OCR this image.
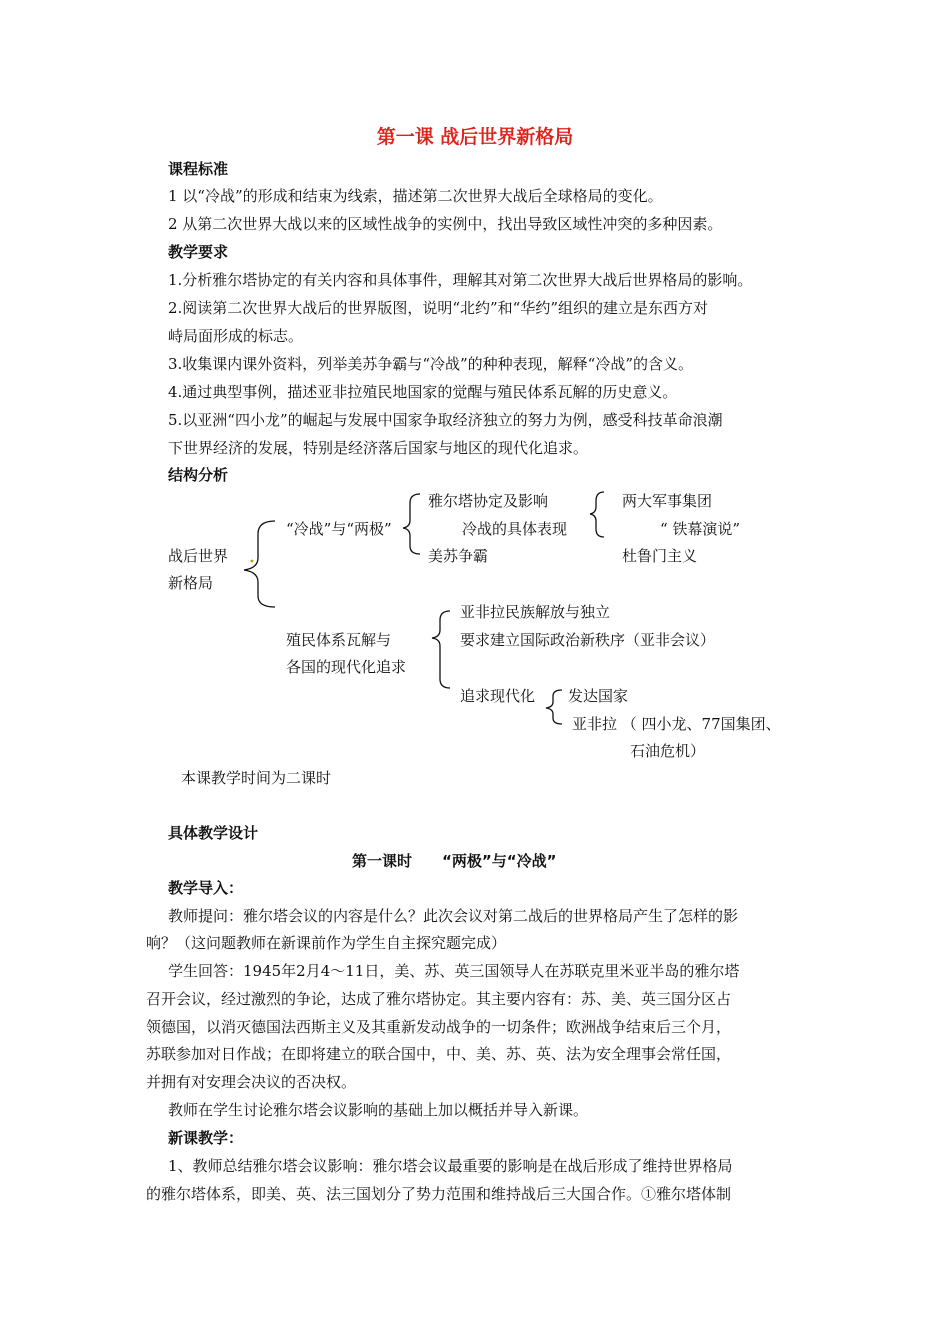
第一课 战后世界新格局
课程标准
1 以“冷战”的形成和结束为线索，描述第二次世界大战后全球格局的变化。
2 从第二次世界大战以来的区域性战争的实例中，找出导致区域性冲突的多种因素。
教学要求
1.分析雅尔塔协定的有关内容和具体事件，理解其对第二次世界大战后世界格局的影响。
2.阅读第二次世界大战后的世界版图，说明“北约”和“华约”组织的建立是东西方对
峙局面形成的标志。
3.收集课内课外资料，列举美苏争霸与“冷战”的种种表现，解释“冷战”的含义。
4.通过典型事例，描述亚非拉殖民地国家的觉醒与殖民体系瓦解的历史意义。
5.以亚洲“四小龙”的崛起与发展中国家争取经济独立的努力为例，感受科技革命浪潮
下世界经济的发展，特别是经济落后国家与地区的现代化追求。
结构分析
战后世界
新格局
“冷战”与“两极”
雅尔塔协定及影响
冷战的具体表现
美苏争霸
两大军事集团
“ 铁幕演说”
杜鲁门主义
殖民体系瓦解与
各国的现代化追求
亚非拉民族解放与独立
要求建立国际政治新秩序（亚非会议）
追求现代化 发达国家
亚非拉 （ 四小龙、77国集团、
石油危机）
本课教学时间为二课时
具体教学设计
第一课时　　“两极”与“冷战”
教学导入：
　教师提问：雅尔塔会议的内容是什么？此次会议对第二战后的世界格局产生了怎样的影
响？（这问题教师在新课前作为学生自主探究题完成）
　学生回答：1945年2月4～11日，美、苏、英三国领导人在苏联克里米亚半岛的雅尔塔
召开会议，经过激烈的争论，达成了雅尔塔协定。其主要内容有：苏、美、英三国分区占
领德国，以消灭德国法西斯主义及其重新发动战争的一切条件；欧洲战争结束后三个月，
苏联参加对日作战；在即将建立的联合国中，中、美、苏、英、法为安全理事会常任国，
并拥有对安理会决议的否决权。
　教师在学生讨论雅尔塔会议影响的基础上加以概括并导入新课。
新课教学：
　1、教师总结雅尔塔会议影响：雅尔塔会议最重要的影响是在战后形成了维持世界格局
的雅尔塔体系，即美、英、法三国划分了势力范围和维持战后三大国合作。①雅尔塔体制
